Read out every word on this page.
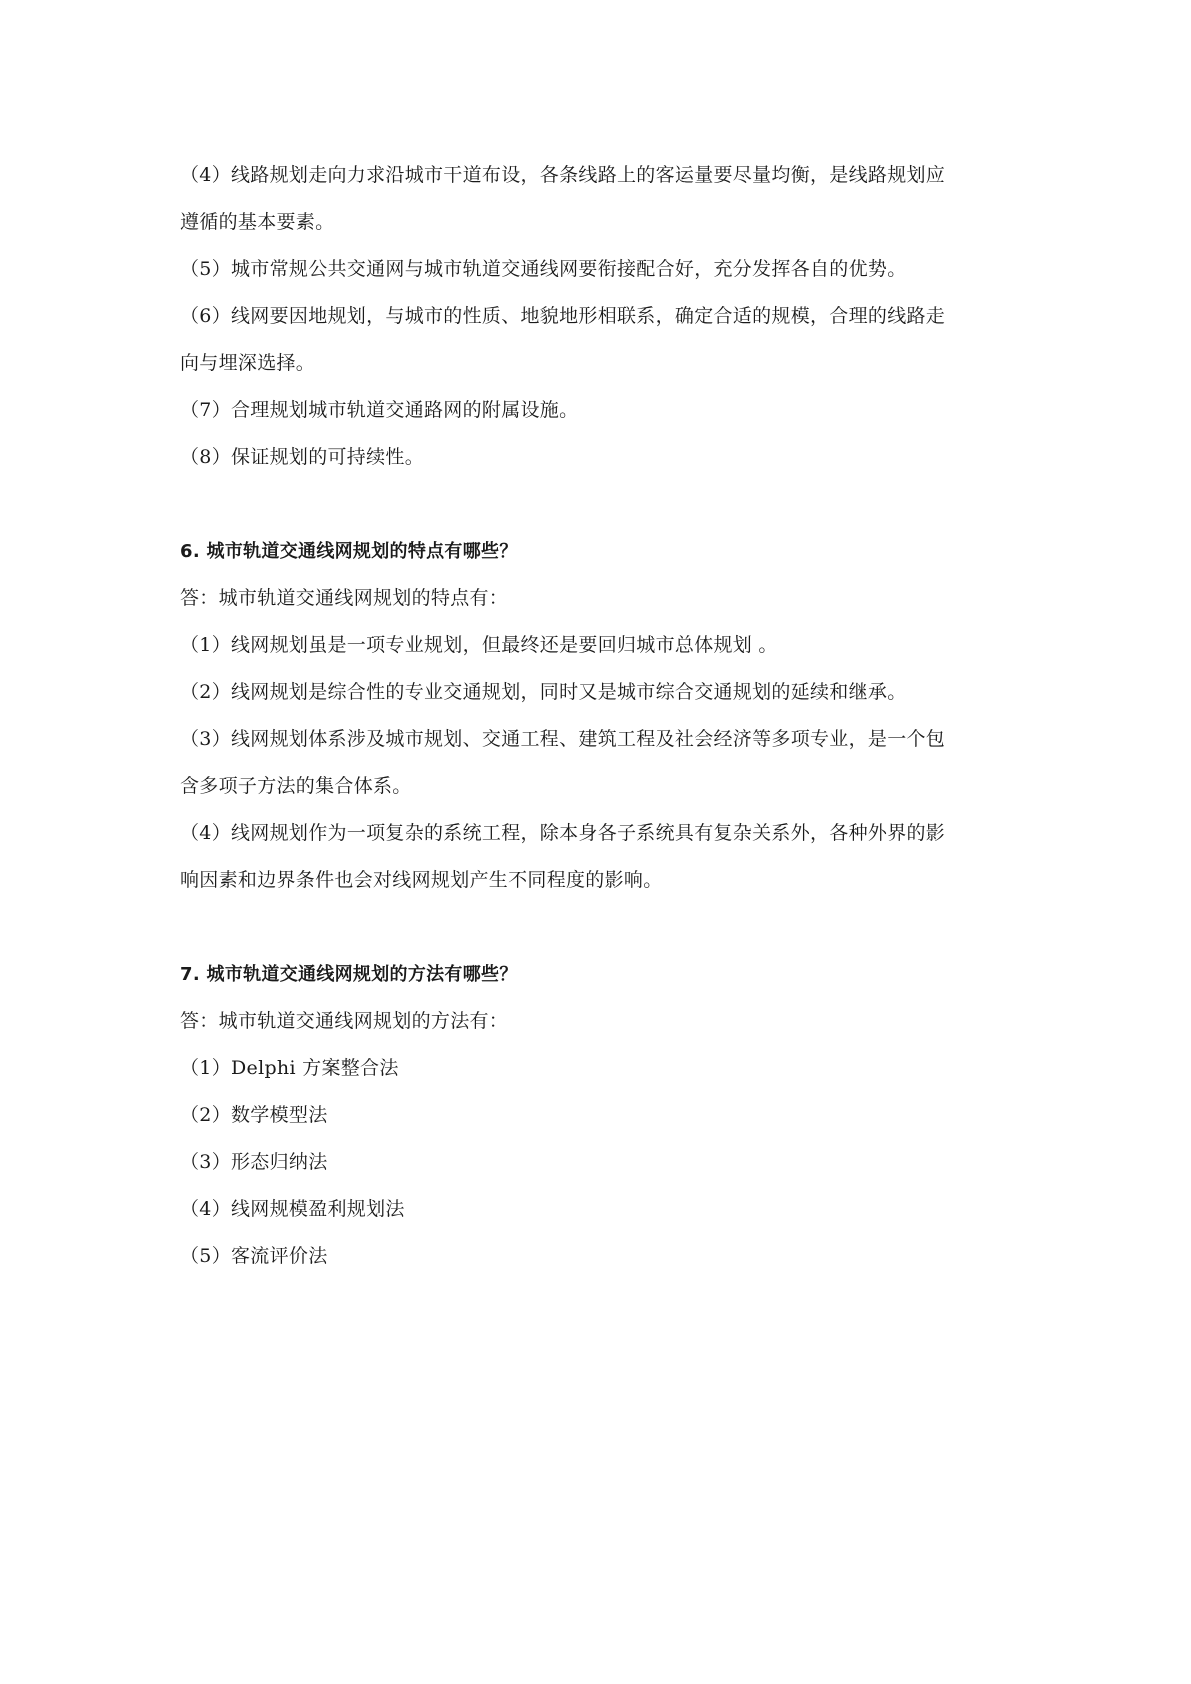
（4）线路规划走向力求沿城市干道布设，各条线路上的客运量要尽量均衡，是线路规划应
遵循的基本要素。
（5）城市常规公共交通网与城市轨道交通线网要衔接配合好，充分发挥各自的优势。
（6）线网要因地规划，与城市的性质、地貌地形相联系，确定合适的规模，合理的线路走
向与埋深选择。
（7）合理规划城市轨道交通路网的附属设施。
（8）保证规划的可持续性。
6. 城市轨道交通线网规划的特点有哪些？
答：城市轨道交通线网规划的特点有：
（1）线网规划虽是一项专业规划，但最终还是要回归城市总体规划 。
（2）线网规划是综合性的专业交通规划，同时又是城市综合交通规划的延续和继承。
（3）线网规划体系涉及城市规划、交通工程、建筑工程及社会经济等多项专业，是一个包
含多项子方法的集合体系。
（4）线网规划作为一项复杂的系统工程，除本身各子系统具有复杂关系外，各种外界的影
响因素和边界条件也会对线网规划产生不同程度的影响。
7. 城市轨道交通线网规划的方法有哪些？
答：城市轨道交通线网规划的方法有：
（1）Delphi 方案整合法
（2）数学模型法
（3）形态归纳法
（4）线网规模盈利规划法
（5）客流评价法
